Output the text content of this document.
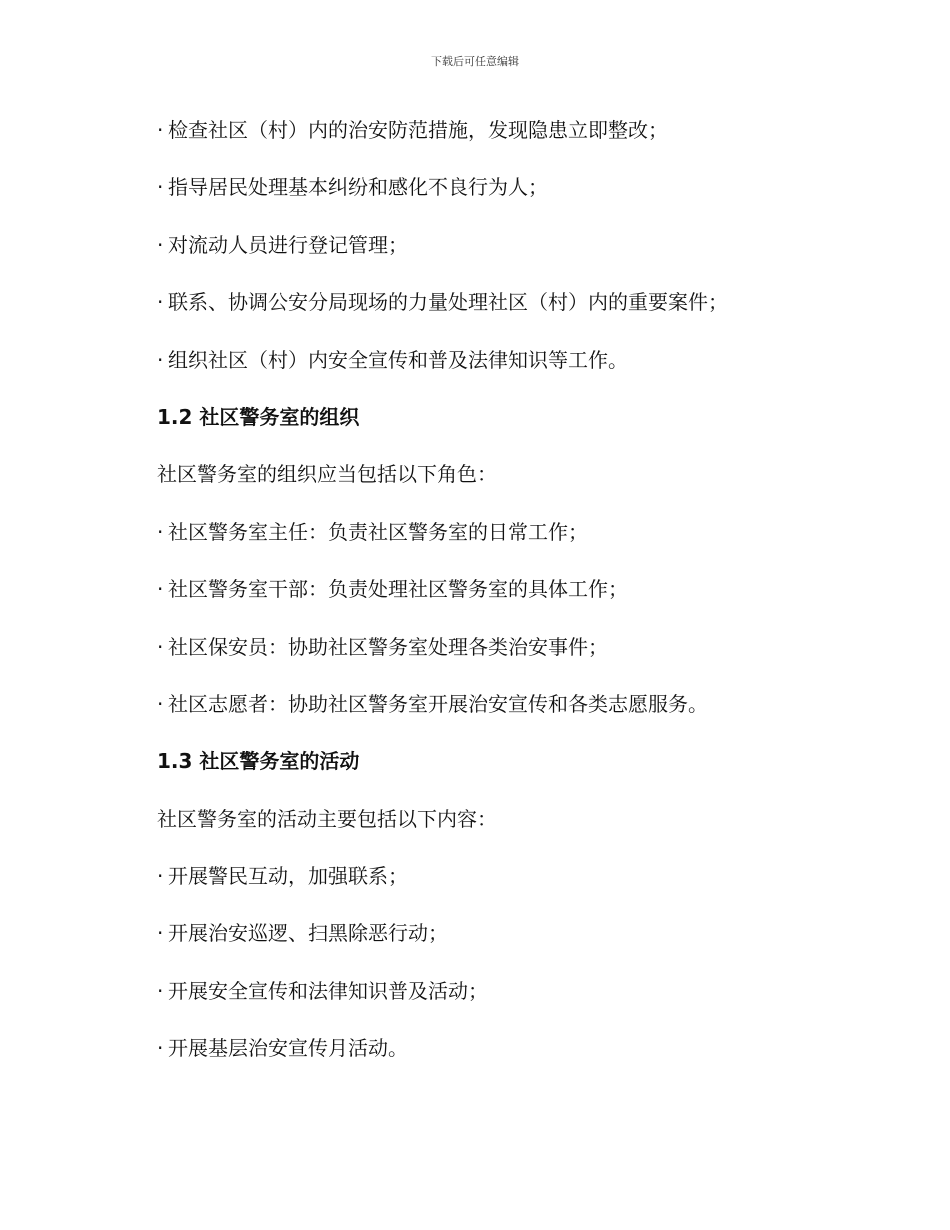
下载后可任意编辑
· 检查社区（村）内的治安防范措施，发现隐患立即整改；
· 指导居民处理基本纠纷和感化不良行为人；
· 对流动人员进行登记管理；
· 联系、协调公安分局现场的力量处理社区（村）内的重要案件；
· 组织社区（村）内安全宣传和普及法律知识等工作。
1.2 社区警务室的组织
社区警务室的组织应当包括以下角色：
· 社区警务室主任：负责社区警务室的日常工作；
· 社区警务室干部：负责处理社区警务室的具体工作；
· 社区保安员：协助社区警务室处理各类治安事件；
· 社区志愿者：协助社区警务室开展治安宣传和各类志愿服务。
1.3 社区警务室的活动
社区警务室的活动主要包括以下内容：
· 开展警民互动，加强联系；
· 开展治安巡逻、扫黑除恶行动；
· 开展安全宣传和法律知识普及活动；
· 开展基层治安宣传月活动。
